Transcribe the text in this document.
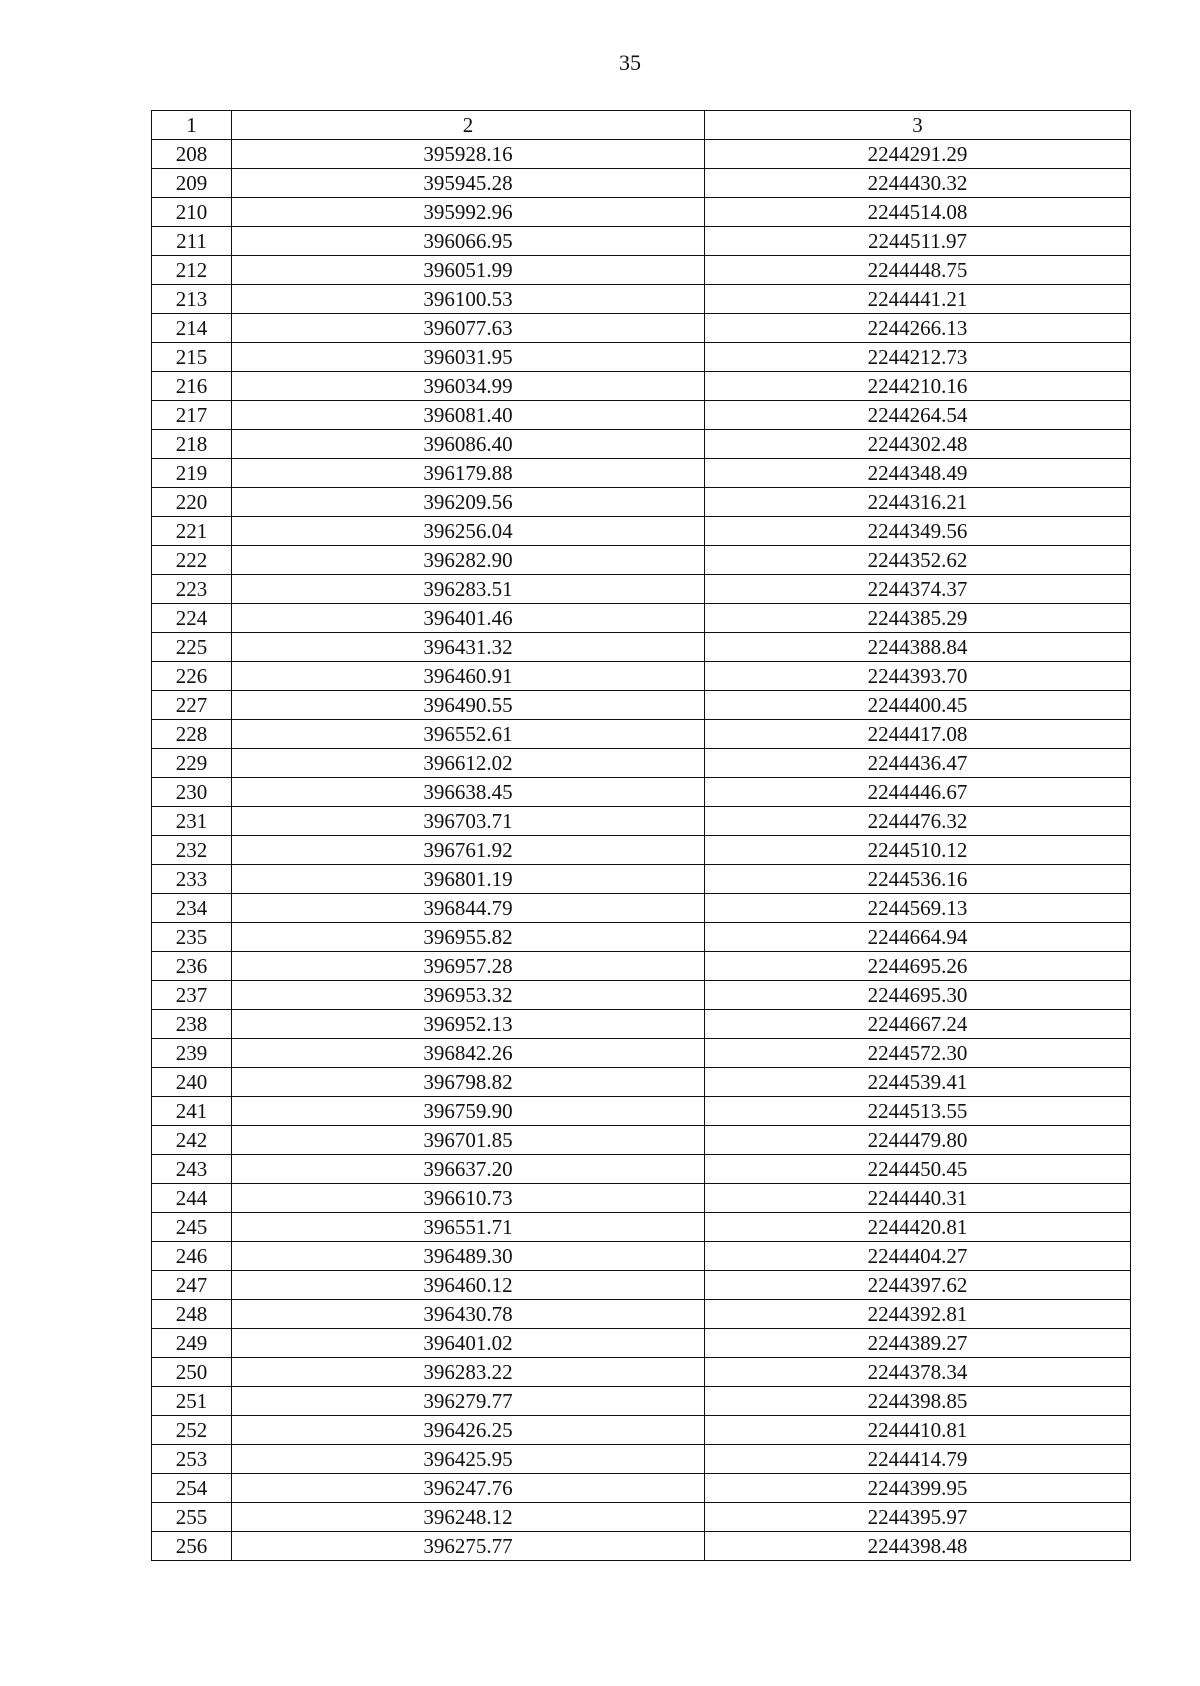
35
1	2	3
208	395928.16	2244291.29
209	395945.28	2244430.32
210	395992.96	2244514.08
211	396066.95	2244511.97
212	396051.99	2244448.75
213	396100.53	2244441.21
214	396077.63	2244266.13
215	396031.95	2244212.73
216	396034.99	2244210.16
217	396081.40	2244264.54
218	396086.40	2244302.48
219	396179.88	2244348.49
220	396209.56	2244316.21
221	396256.04	2244349.56
222	396282.90	2244352.62
223	396283.51	2244374.37
224	396401.46	2244385.29
225	396431.32	2244388.84
226	396460.91	2244393.70
227	396490.55	2244400.45
228	396552.61	2244417.08
229	396612.02	2244436.47
230	396638.45	2244446.67
231	396703.71	2244476.32
232	396761.92	2244510.12
233	396801.19	2244536.16
234	396844.79	2244569.13
235	396955.82	2244664.94
236	396957.28	2244695.26
237	396953.32	2244695.30
238	396952.13	2244667.24
239	396842.26	2244572.30
240	396798.82	2244539.41
241	396759.90	2244513.55
242	396701.85	2244479.80
243	396637.20	2244450.45
244	396610.73	2244440.31
245	396551.71	2244420.81
246	396489.30	2244404.27
247	396460.12	2244397.62
248	396430.78	2244392.81
249	396401.02	2244389.27
250	396283.22	2244378.34
251	396279.77	2244398.85
252	396426.25	2244410.81
253	396425.95	2244414.79
254	396247.76	2244399.95
255	396248.12	2244395.97
256	396275.77	2244398.48
